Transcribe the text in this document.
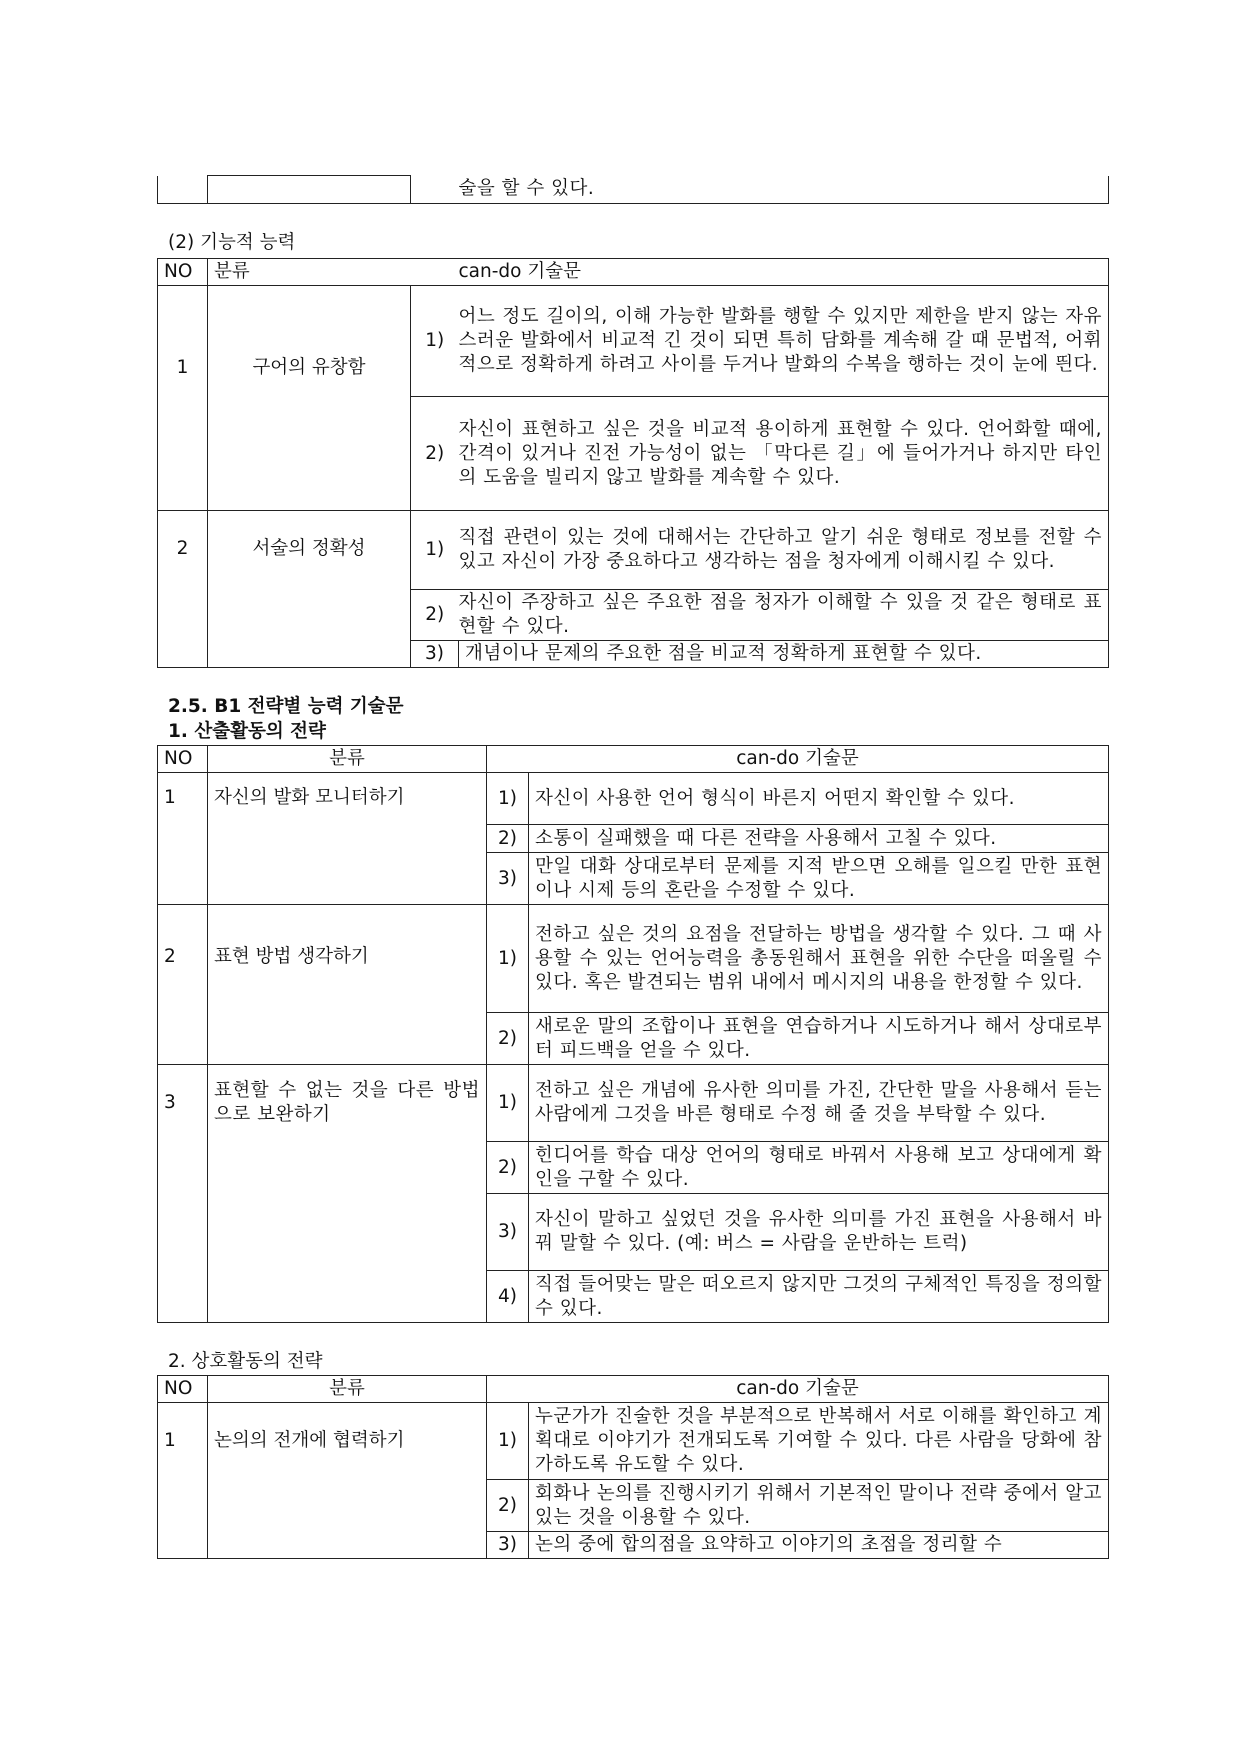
			술을 할 수 있다.
(2) 기능적 능력
NO	분류		can-do 기술문
1	구어의 유창함	1)	어느 정도 길이의, 이해 가능한 발화를 행할 수 있지만 제한을 받지 않는 자유스러운 발화에서 비교적 긴 것이 되면 특히 담화를 계속해 갈 때 문법적, 어휘적으로 정확하게 하려고 사이를 두거나 발화의 수복을 행하는 것이 눈에 띈다.
		2)	자신이 표현하고 싶은 것을 비교적 용이하게 표현할 수 있다. 언어화할 때에, 간격이 있거나 진전 가능성이 없는 「막다른 길」에 들어가거나 하지만 타인의 도움을 빌리지 않고 발화를 계속할 수 있다.
2	서술의 정확성	1)	직접 관련이 있는 것에 대해서는 간단하고 알기 쉬운 형태로 정보를 전할 수 있고 자신이 가장 중요하다고 생각하는 점을 청자에게 이해시킬 수 있다.
		2)	자신이 주장하고 싶은 주요한 점을 청자가 이해할 수 있을 것 같은 형태로 표현할 수 있다.
		3)	개념이나 문제의 주요한 점을 비교적 정확하게 표현할 수 있다.
2.5. B1 전략별 능력 기술문
1. 산출활동의 전략
NO	분류	can-do 기술문	
1	자신의 발화 모니터하기	1)	자신이 사용한 언어 형식이 바른지 어떤지 확인할 수 있다.
		2)	소통이 실패했을 때 다른 전략을 사용해서 고칠 수 있다.
		3)	만일 대화 상대로부터 문제를 지적 받으면 오해를 일으킬 만한 표현이나 시제 등의 혼란을 수정할 수 있다.
2	표현 방법 생각하기	1)	전하고 싶은 것의 요점을 전달하는 방법을 생각할 수 있다. 그 때 사용할 수 있는 언어능력을 총동원해서 표현을 위한 수단을 떠올릴 수 있다. 혹은 발견되는 범위 내에서 메시지의 내용을 한정할 수 있다.
		2)	새로운 말의 조합이나 표현을 연습하거나 시도하거나 해서 상대로부터 피드백을 얻을 수 있다.
3	표현할 수 없는 것을 다른 방법으로 보완하기	1)	전하고 싶은 개념에 유사한 의미를 가진, 간단한 말을 사용해서 듣는 사람에게 그것을 바른 형태로 수정 해 줄 것을 부탁할 수 있다.
		2)	힌디어를 학습 대상 언어의 형태로 바꿔서 사용해 보고 상대에게 확인을 구할 수 있다.
		3)	자신이 말하고 싶었던 것을 유사한 의미를 가진 표현을 사용해서 바꿔 말할 수 있다. (예: 버스 = 사람을 운반하는 트럭)
		4)	직접 들어맞는 말은 떠오르지 않지만 그것의 구체적인 특징을 정의할 수 있다.
2. 상호활동의 전략
NO	분류	can-do 기술문	
1	논의의 전개에 협력하기	1)	누군가가 진술한 것을 부분적으로 반복해서 서로 이해를 확인하고 계획대로 이야기가 전개되도록 기여할 수 있다. 다른 사람을 당화에 참가하도록 유도할 수 있다.
		2)	회화나 논의를 진행시키기 위해서 기본적인 말이나 전략 중에서 알고 있는 것을 이용할 수 있다.
		3)	논의 중에 합의점을 요약하고 이야기의 초점을 정리할 수
